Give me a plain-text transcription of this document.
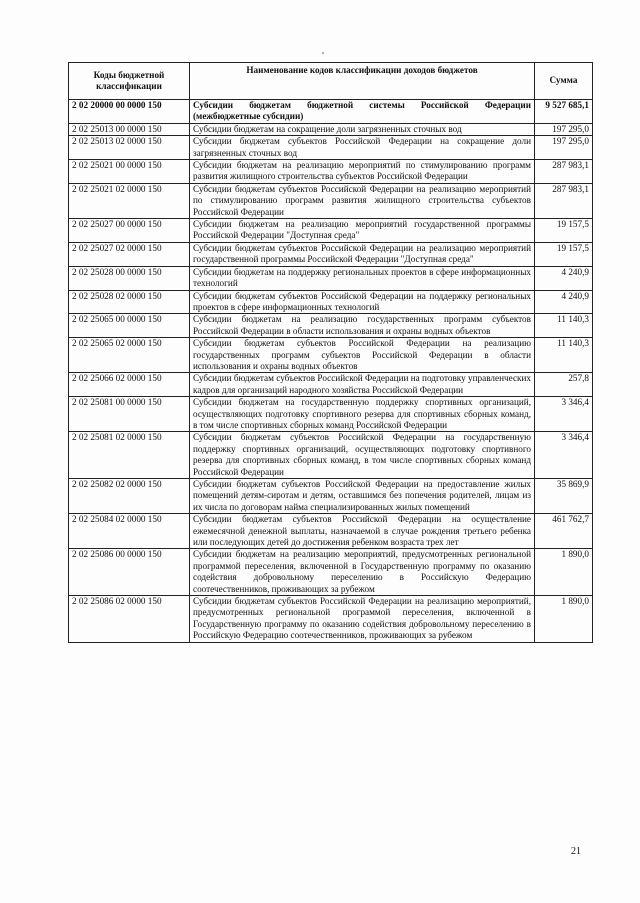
Коды бюджетной классификации	Наименование кодов классификации доходов бюджетов	Сумма
2 02 20000 00 0000 150	Субсидии бюджетам бюджетной системы Российской Федерации (межбюджетные субсидии)	9 527 685,1
2 02 25013 00 0000 150	Субсидии бюджетам на сокращение доли загрязненных сточных вод	197 295,0
2 02 25013 02 0000 150	Субсидии бюджетам субъектов Российской Федерации на сокращение доли загрязненных сточных вод	197 295,0
2 02 25021 00 0000 150	Субсидии бюджетам на реализацию мероприятий по стимулированию программ развития жилищного строительства субъектов Российской Федерации	287 983,1
2 02 25021 02 0000 150	Субсидии бюджетам субъектов Российской Федерации на реализацию мероприятий по стимулированию программ развития жилищного строительства субъектов Российской Федерации	287 983,1
2 02 25027 00 0000 150	Субсидии бюджетам на реализацию мероприятий государственной программы Российской Федерации "Доступная среда"	19 157,5
2 02 25027 02 0000 150	Субсидии бюджетам субъектов Российской Федерации на реализацию мероприятий государственной программы Российской Федерации "Доступная среда"	19 157,5
2 02 25028 00 0000 150	Субсидии бюджетам на поддержку региональных проектов в сфере информационных технологий	4 240,9
2 02 25028 02 0000 150	Субсидии бюджетам субъектов Российской Федерации на поддержку региональных проектов в сфере информационных технологий	4 240,9
2 02 25065 00 0000 150	Субсидии бюджетам на реализацию государственных программ субъектов Российской Федерации в области использования и охраны водных объектов	11 140,3
2 02 25065 02 0000 150	Субсидии бюджетам субъектов Российской Федерации на реализацию государственных программ субъектов Российской Федерации в области использования и охраны водных объектов	11 140,3
2 02 25066 02 0000 150	Субсидии бюджетам субъектов Российской Федерации на подготовку управленческих кадров для организаций народного хозяйства Российской Федерации	257,8
2 02 25081 00 0000 150	Субсидии бюджетам на государственную поддержку спортивных организаций, осуществляющих подготовку спортивного резерва для спортивных сборных команд, в том числе спортивных сборных команд Российской Федерации	3 346,4
2 02 25081 02 0000 150	Субсидии бюджетам субъектов Российской Федерации на государственную поддержку спортивных организаций, осуществляющих подготовку спортивного резерва для спортивных сборных команд, в том числе спортивных сборных команд Российской Федерации	3 346,4
2 02 25082 02 0000 150	Субсидии бюджетам субъектов Российской Федерации на предоставление жилых помещений детям-сиротам и детям, оставшимся без попечения родителей, лицам из их числа по договорам найма специализированных жилых помещений	35 869,9
2 02 25084 02 0000 150	Субсидии бюджетам субъектов Российской Федерации на осуществление ежемесячной денежной выплаты, назначаемой в случае рождения третьего ребенка или последующих детей до достижения ребенком возраста трех лет	461 762,7
2 02 25086 00 0000 150	Субсидии бюджетам на реализацию мероприятий, предусмотренных региональной программой переселения, включенной в Государственную программу по оказанию содействия добровольному переселению в Российскую Федерацию соотечественников, проживающих за рубежом	1 890,0
2 02 25086 02 0000 150	Субсидии бюджетам субъектов Российской Федерации на реализацию мероприятий, предусмотренных региональной программой переселения, включенной в Государственную программу по оказанию содействия добровольному переселению в Российскую Федерацию соотечественников, проживающих за рубежом	1 890,0
21
